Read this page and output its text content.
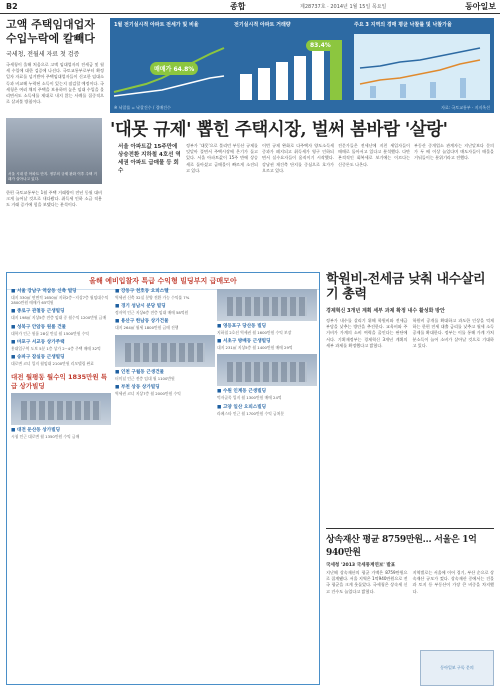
B2	종합	제28737호 · 2014년 1월 15일 목요일	동아일보
고액 주택임대업자 수입누락에 칼빼다
국세청, 전월세 자료 첫 검증

국세청이 올해 처음으로 고액 임대업자의 전세금 및 월세 수입에 대한 검증에 나선다. 국토교통부로부터 확정일자 자료를 넘겨받아 주택임대업자들이 신고한 임대소득과 비교해 누락된 소득이 있는지 점검할 예정이다. 국세청은 여러 채의 주택을 보유하며 높은 임대 수입을 올리면서도 소득세를 제대로 내지 않는 사례를 집중적으로 살펴볼 방침이다.

1월 전기실시적 아파트 전세가 및 비율
매매가 64.8%
전기실시적 아파트 거래량
83.4%
주요 3 지역의 경매 평균 낙찰률 및 낙찰가율
※ 낙찰률 = 낙찰건수 / 경매건수	자료: 국토교통부 · 지지옥션
서울 시내 한 아파트 단지. 정부의 규제 완화 이후 주택 거래가 살아나고 있다.
'대못 규제' 뽑힌 주택시장, 벌써 봄바람 '살랑'
서울 아파트값 15주만에 상승전환 지하철 4호선 역세권 아파트 급매물 등 회수
정부가 '대못'으로 불리던 부동산 규제를 잇달아 풀면서 주택시장에 온기가 돌고 있다. 서울 아파트값이 15주 만에 상승세로 돌아섰고 급매물이 빠르게 소진되고 있다.
이번 규제 완화로 다주택자 양도소득세 중과가 폐지되고 취득세가 영구 인하되면서 실수요자들이 움직이기 시작했다. 강남권 재건축 단지를 중심으로 호가가 오르고 있다.
전문가들은 전세난에 지친 세입자들이 매매로 돌아서고 있다고 분석했다. 다만 본격적인 회복세로 보기에는 이르다는 신중론도 나온다.
부동산 중개업소 관계자는 지난달보다 문의가 두 배 이상 늘었다며 매도자들이 매물을 거둬들이는 분위기라고 전했다.
한편 국토교통부는 1월 주택 거래량이 전년 동월 대비 크게 늘어날 것으로 내다봤다. 취득세 인하 소급 적용도 거래 증가에 힘을 보탰다는 분석이다.
올해 예비입찰자 특급 수익형 빌딩부지 급매모아
■ 서울 강남구 역삼동 신축 빌딩
대지 330㎡ 연면적 1650㎡ 지하2층~지상7층 월임대수익 2800만원 매매가 65억원
■ 종로구 관철동 근생빌딩
대지 198㎡ 지상5층 전층 임대 중 월수익 1200만원 급매
■ 성북구 안암동 원룸 건물
대학가 인근 원룸 28실 만실 월 1500만원 수익
■ 마포구 서교동 상가주택
홍대입구역 도보 5분 1층 상가 2~4층 주택 매매 32억
■ 송파구 잠실동 근생빌딩
대로변 코너 입지 월임대 2100만원 리모델링 완료
대전 월평동 월수익 1835만원 특급 상가빌딩
■ 대전 둔산동 상가빌딩
시청 인근 대로변 월 1350만원 수익 급매
■ 강동구 천호동 오피스텔
역세권 신축 32실 분양 전환 가능 수익률 7%
■ 경기 성남시 분당 빌딩
정자역 인근 지상6층 전층 임대 매매 58억원
■ 용산구 한남동 상가건물
대지 264㎡ 월세 1800만원 급매 진행
■ 인천 구월동 근생건물
터미널 인근 전층 임대 월 1100만원
■ 부천 상동 상가빌딩
역세권 코너 지상7층 월 2000만원 수익
■ 영등포구 당산동 빌딩
지하철 2호선 역세권 월 1600만원 수익 보장
■ 서초구 방배동 근생빌딩
대지 231㎡ 지상5층 월 1400만원 매매 29억
■ 수원 인계동 근생빌딩
먹자골목 입지 월 1300만원 매매 24억
■ 고양 일산 오피스빌딩
라페스타 인근 월 1700만원 수익 급처분
학원비-전세금 낮춰 내수살리기 총력
경제혁신 3개년 계획 세부 과제 확정 내수 활성화 방안

정부가 내수를 살리기 위해 학원비와 전세금 부담을 낮추는 방안을 추진한다. 교육비와 주거비가 가계의 소비 여력을 줄인다는 판단에서다. 기획재정부는 경제혁신 3개년 계획의 세부 과제를 확정했다고 밝혔다.

학원비 공개를 확대하고 과도한 인상을 억제하는 한편 전세 대출 금리를 낮추고 월세 소득공제를 확대한다. 정부는 이를 통해 가계 가처분소득이 늘어 소비가 살아날 것으로 기대하고 있다.

상속재산 평균 8759만원… 서울은 1억940만원
국세청 '2013 국세통계연보' 발표

지난해 상속재산의 평균 가액은 8759만원으로 집계됐다. 서울 지역은 1억940만원으로 전국 평균을 크게 웃돌았다. 국세청은 상속세 신고 건수도 늘었다고 밝혔다.

지역별로는 서울에 이어 경기, 부산 순으로 상속재산 규모가 컸다. 상속재산 중에서는 건물과 토지 등 부동산이 가장 큰 비중을 차지했다.

동아일보 구독 문의
